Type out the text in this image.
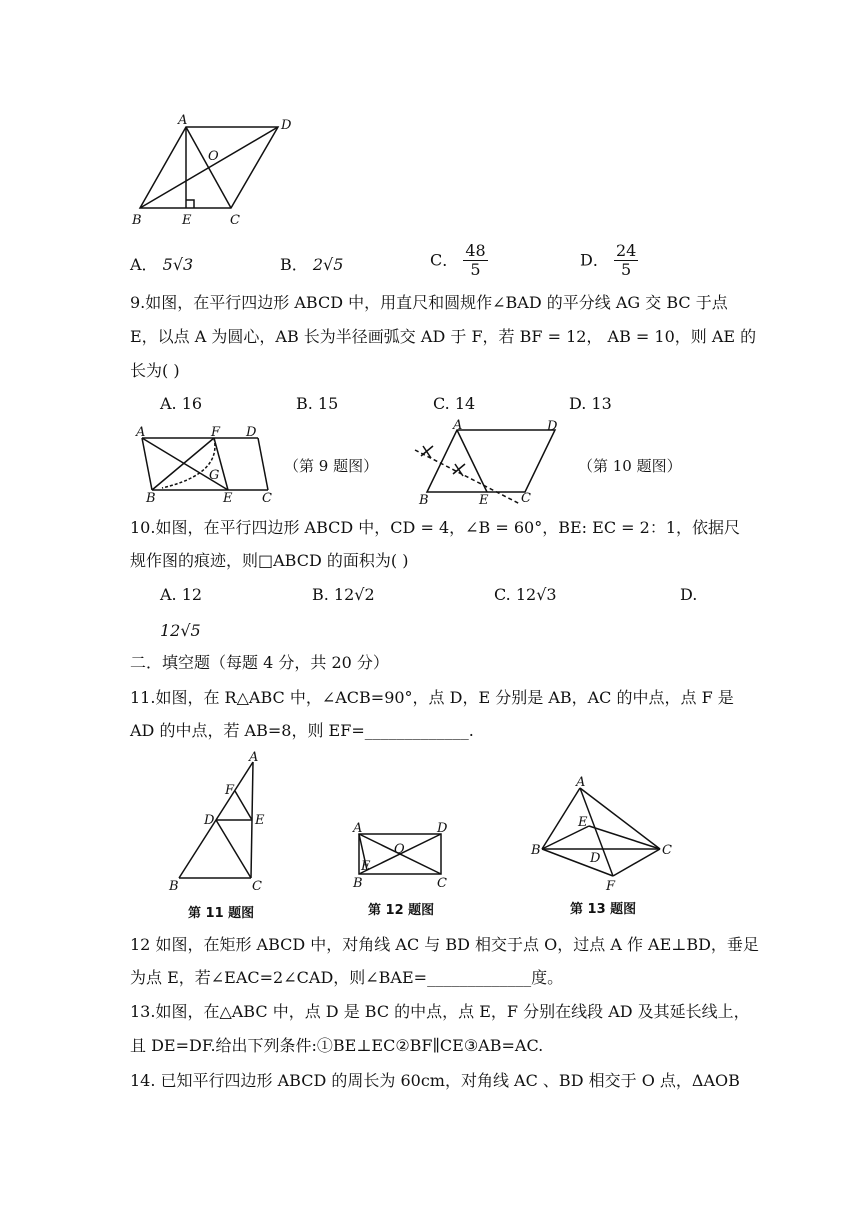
A	D
O
B	E	C
A． 5√3	B． 2√5	C． $\frac{48}{5}$	D． $\frac{24}{5}$
9.如图，在平行四边形 ABCD 中，用直尺和圆规作∠BAD 的平分线 AG 交 BC 于点
E，以点 A 为圆心，AB 长为半径画弧交 AD 于 F，若 BF = 12， AB = 10，则 AE 的
长为( )
A. 16	B. 15	C. 14	D. 13
A	F D
G
B	E C
（第 9 题图）
A	D
B	E	C
（第 10 题图）
10.如图，在平行四边形 ABCD 中，CD = 4，∠B = 60°，BE: EC = 2：1，依据尺
规作图的痕迹，则□ABCD 的面积为( )
A. 12	B. 12√2	C. 12√3	D.
12√5
二．填空题（每题 4 分，共 20 分）
11.如图，在 R△ABC 中，∠ACB=90°，点 D，E 分别是 AB，AC 的中点，点 F 是
AD 的中点，若 AB=8，则 EF=_____________.
A
F
D	E
B	C
第 11 题图
A	D
O
E
B	C
第 12 题图
A
E
B
D
C
F
第 13 题图
12 如图，在矩形 ABCD 中，对角线 AC 与 BD 相交于点 O，过点 A 作 AE⊥BD，垂足
为点 E，若∠EAC=2∠CAD，则∠BAE=_____________度。
13.如图，在△ABC 中，点 D 是 BC 的中点，点 E，F 分别在线段 AD 及其延长线上，
且 DE=DF.给出下列条件:①BE⊥EC②BF∥CE③AB=AC.
14. 已知平行四边形 ABCD 的周长为 60cm，对角线 AC 、BD 相交于 O 点，ΔAOB
